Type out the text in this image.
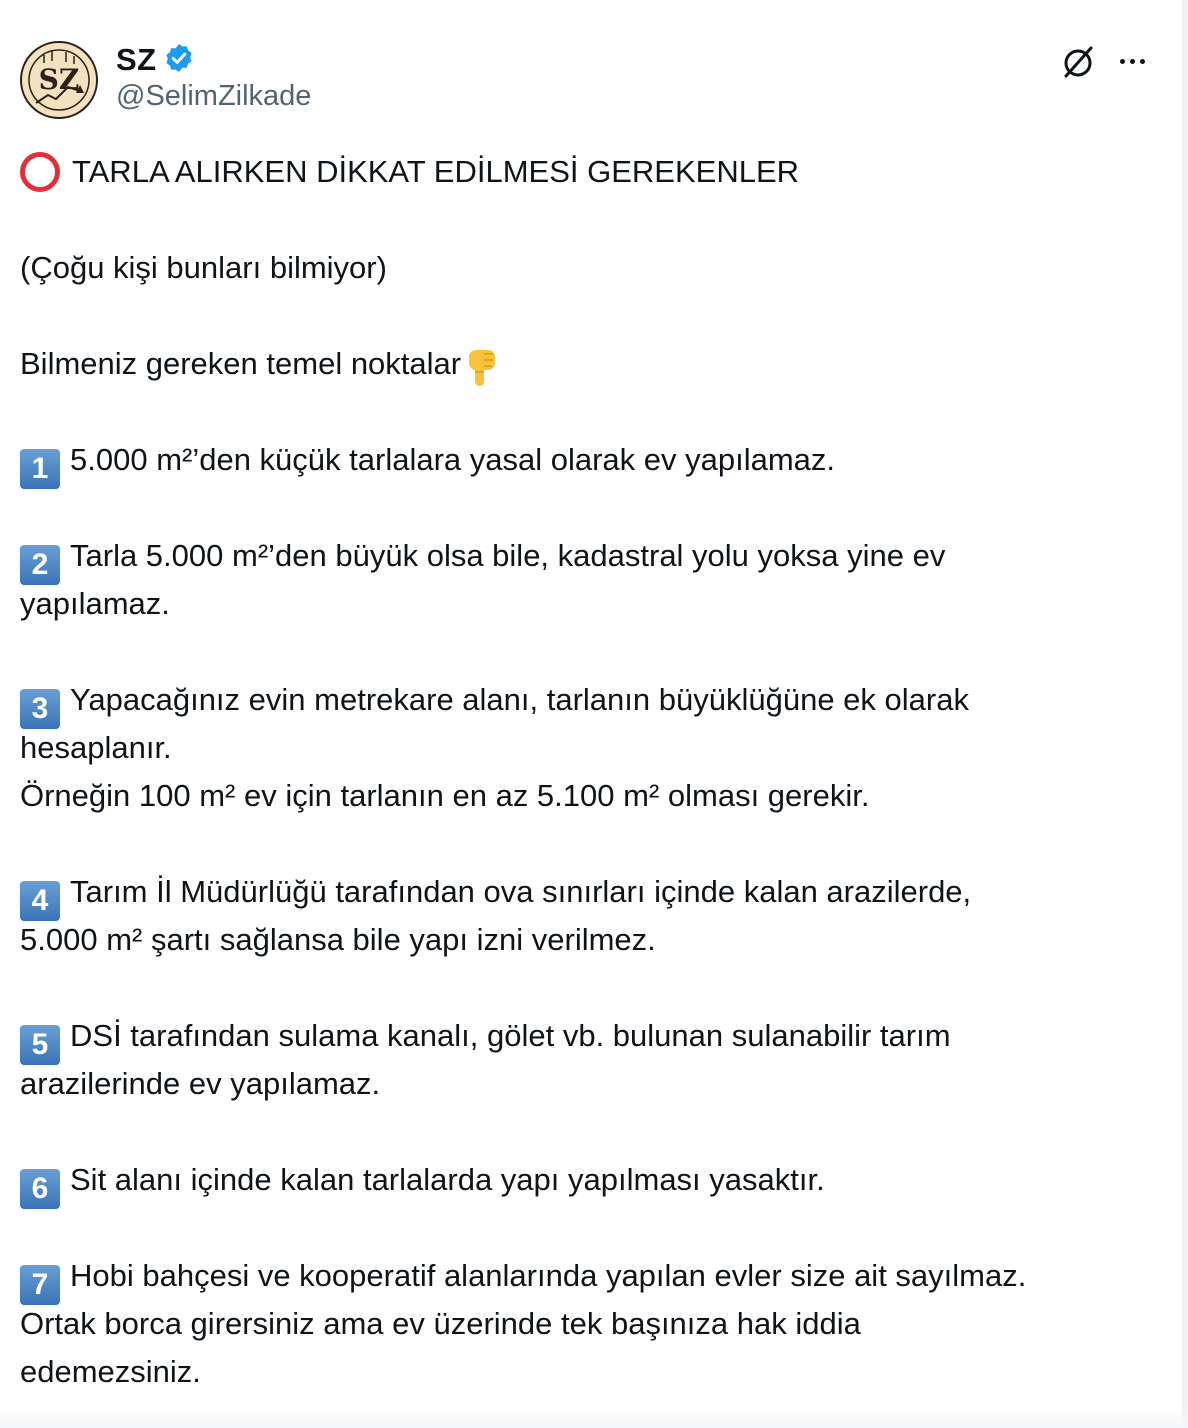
SZ
SZ
@SelimZilkade
TARLA ALIRKEN DİKKAT EDİLMESİ GEREKENLER
(Çoğu kişi bunları bilmiyor)
Bilmeniz gereken temel noktalar
1 5.000 m²’den küçük tarlalara yasal olarak ev yapılamaz.
2 Tarla 5.000 m²’den büyük olsa bile, kadastral yolu yoksa yine ev
yapılamaz.
3 Yapacağınız evin metrekare alanı, tarlanın büyüklüğüne ek olarak
hesaplanır.
Örneğin 100 m² ev için tarlanın en az 5.100 m² olması gerekir.
4 Tarım İl Müdürlüğü tarafından ova sınırları içinde kalan arazilerde,
5.000 m² şartı sağlansa bile yapı izni verilmez.
5 DSİ tarafından sulama kanalı, gölet vb. bulunan sulanabilir tarım
arazilerinde ev yapılamaz.
6 Sit alanı içinde kalan tarlalarda yapı yapılması yasaktır.
7 Hobi bahçesi ve kooperatif alanlarında yapılan evler size ait sayılmaz.
Ortak borca girersiniz ama ev üzerinde tek başınıza hak iddia
edemezsiniz.
